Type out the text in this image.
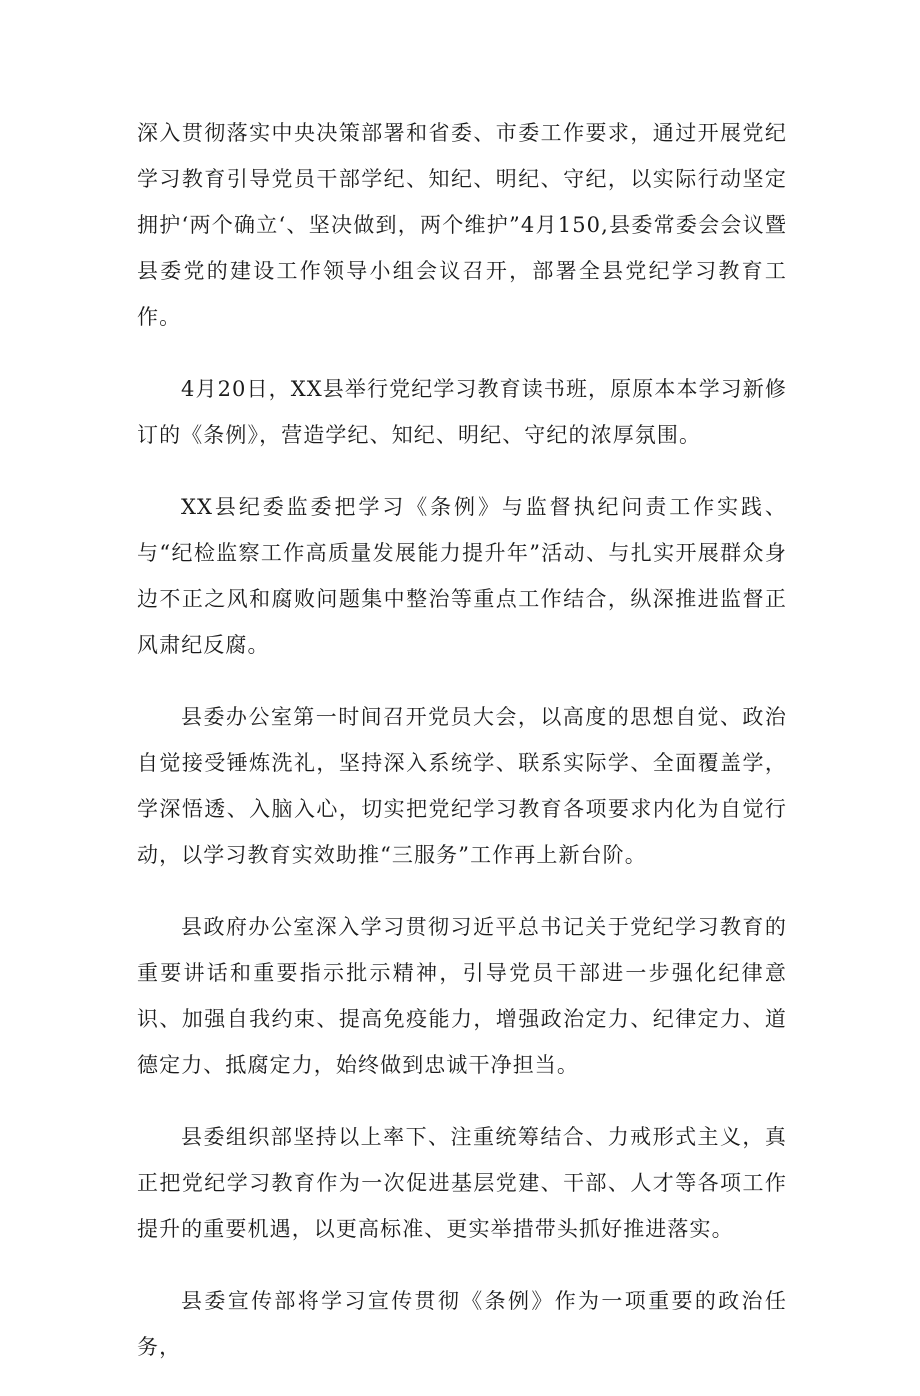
深入贯彻落实中央决策部署和省委、市委工作要求，通过开展党纪学习教育引导党员干部学纪、知纪、明纪、守纪，以实际行动坚定拥护‘两个确立‘、坚决做到，两个维护”4月150,县委常委会会议暨县委党的建设工作领导小组会议召开，部署全县党纪学习教育工作。

4月20日，XX县举行党纪学习教育读书班，原原本本学习新修订的《条例》，营造学纪、知纪、明纪、守纪的浓厚氛围。

XX县纪委监委把学习《条例》与监督执纪问责工作实践、与“纪检监察工作高质量发展能力提升年”活动、与扎实开展群众身边不正之风和腐败问题集中整治等重点工作结合，纵深推进监督正风肃纪反腐。

县委办公室第一时间召开党员大会，以高度的思想自觉、政治自觉接受锤炼洗礼，坚持深入系统学、联系实际学、全面覆盖学，学深悟透、入脑入心，切实把党纪学习教育各项要求内化为自觉行动，以学习教育实效助推“三服务”工作再上新台阶。

县政府办公室深入学习贯彻习近平总书记关于党纪学习教育的重要讲话和重要指示批示精神，引导党员干部进一步强化纪律意识、加强自我约束、提高免疫能力，增强政治定力、纪律定力、道德定力、抵腐定力，始终做到忠诚干净担当。

县委组织部坚持以上率下、注重统筹结合、力戒形式主义，真正把党纪学习教育作为一次促进基层党建、干部、人才等各项工作提升的重要机遇，以更高标准、更实举措带头抓好推进落实。

县委宣传部将学习宣传贯彻《条例》作为一项重要的政治任务，
